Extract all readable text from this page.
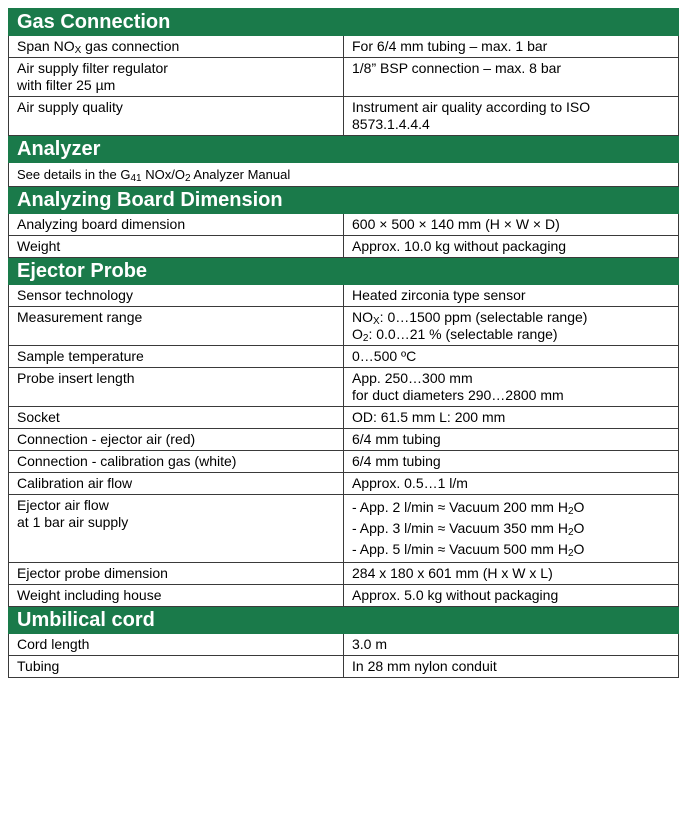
Gas Connection	
Span $NO_X$ gas connection	For 6/4 mm tubing – max. 1 bar

Air supply filter regulator
with filter 25 µm	1/8” BSP connection – max. 8 bar
Air supply quality	Instrument air quality according to ISO
8573.1.4.4.4

Analyzer	
See details in the $G_{41}$ NOx/$O_2$ Analyzer Manual	
Analyzing Board Dimension	
Analyzing board dimension	600 × 500 × 140 mm (H × W × D)
Weight	Approx. 10.0 kg without packaging
Ejector Probe	
Sensor technology	Heated zirconia type sensor
Measurement range	$NO_X$: 0…1500 ppm (selectable range)
$O_2$: 0.0…21 % (selectable range)

Sample temperature	0…500 ºC
Probe insert length	App. 250…300 mm
for duct diameters 290…2800 mm

Socket	OD: 61.5 mm L: 200 mm
Connection - ejector air (red)	6/4 mm tubing
Connection - calibration gas (white)	6/4 mm tubing
Calibration air flow	Approx. 0.5…1 l/m

Ejector air flow
at 1 bar air supply	- App. 2 l/min ≈ Vacuum 200 mm $H_2O$
- App. 3 l/min ≈ Vacuum 350 mm $H_2O$
- App. 5 l/min ≈ Vacuum 500 mm $H_2O$

Ejector probe dimension	284 x 180 x 601 mm (H x W x L)
Weight including house	Approx. 5.0 kg without packaging
Umbilical cord	
Cord length	3.0 m
Tubing	In 28 mm nylon conduit
